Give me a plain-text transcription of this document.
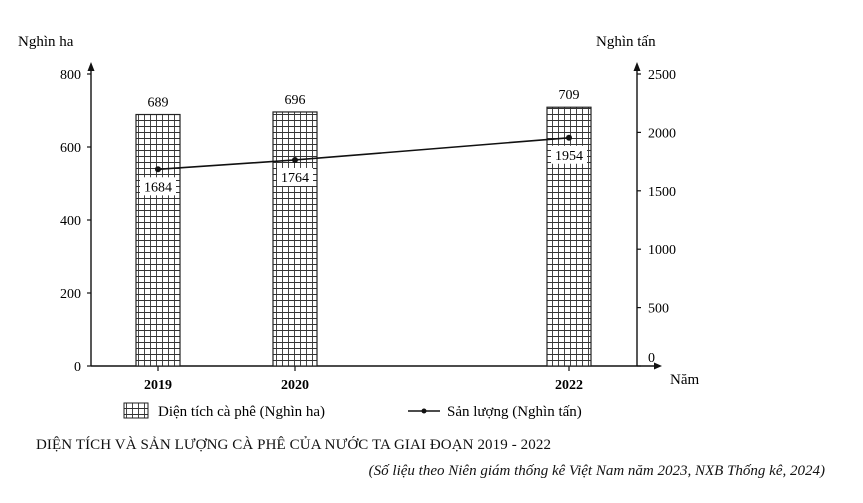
Nghìn ha	Nghìn tấn
Năm
800
600
400
200
0
2500
2000
1500
1000
500
0
2019	2020	2022
689	696	709
1684
1764
1954
Diện tích cà phê (Nghìn ha)	Sản lượng (Nghìn tấn)
DIỆN TÍCH VÀ SẢN LƯỢNG CÀ PHÊ CỦA NƯỚC TA GIAI ĐOẠN 2019 - 2022
(Số liệu theo Niên giám thống kê Việt Nam năm 2023, NXB Thống kê, 2024)
